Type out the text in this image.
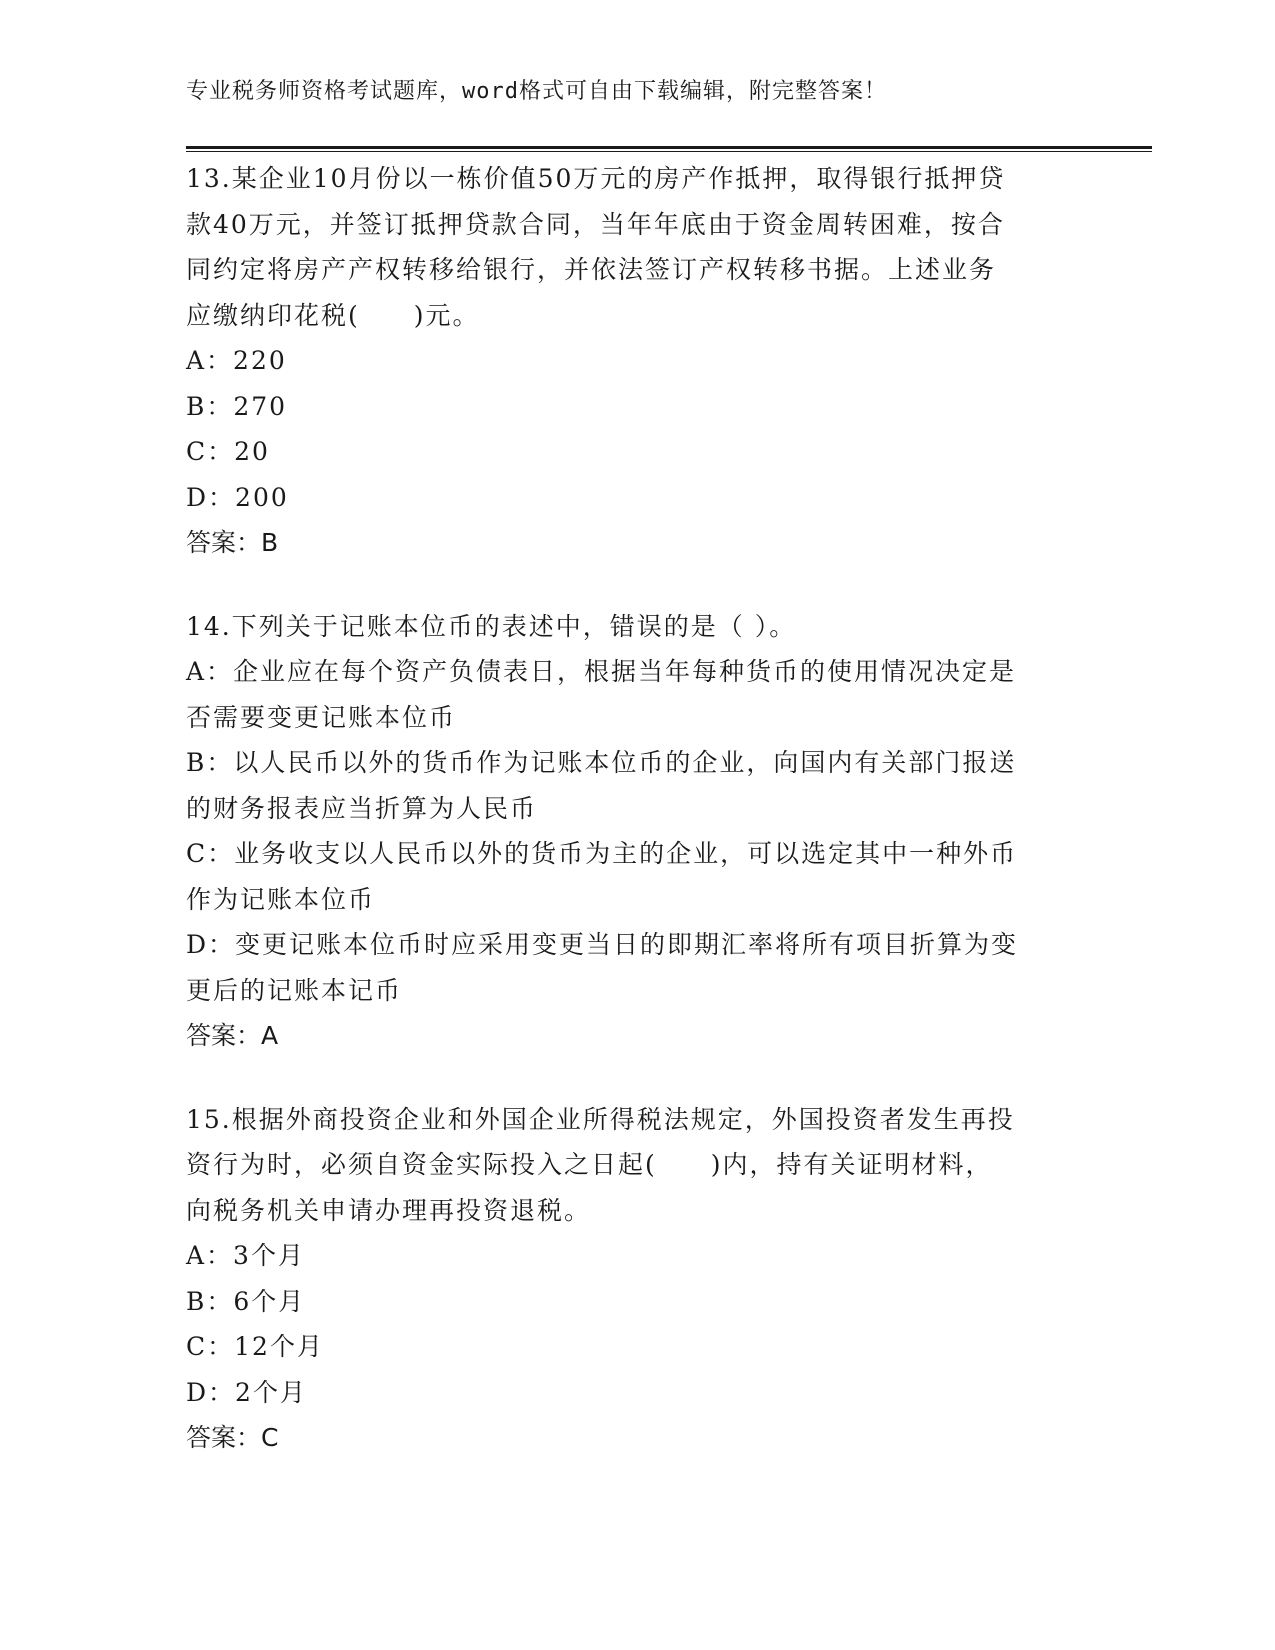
专业税务师资格考试题库，word格式可自由下载编辑，附完整答案！

13.某企业10月份以一栋价值50万元的房产作抵押，取得银行抵押贷

款40万元，并签订抵押贷款合同，当年年底由于资金周转困难，按合

同约定将房产产权转移给银行，并依法签订产权转移书据。上述业务

应缴纳印花税(　　)元。

A：220

B：270

C：20

D：200

答案：B

14.下列关于记账本位币的表述中，错误的是（ ）。

A：企业应在每个资产负债表日，根据当年每种货币的使用情况决定是

否需要变更记账本位币

B：以人民币以外的货币作为记账本位币的企业，向国内有关部门报送

的财务报表应当折算为人民币

C：业务收支以人民币以外的货币为主的企业，可以选定其中一种外币

作为记账本位币

D：变更记账本位币时应采用变更当日的即期汇率将所有项目折算为变

更后的记账本记币

答案：A

15.根据外商投资企业和外国企业所得税法规定，外国投资者发生再投

资行为时，必须自资金实际投入之日起(　　)内，持有关证明材料，

向税务机关申请办理再投资退税。

A：3个月

B：6个月

C：12个月

D：2个月

答案：C
